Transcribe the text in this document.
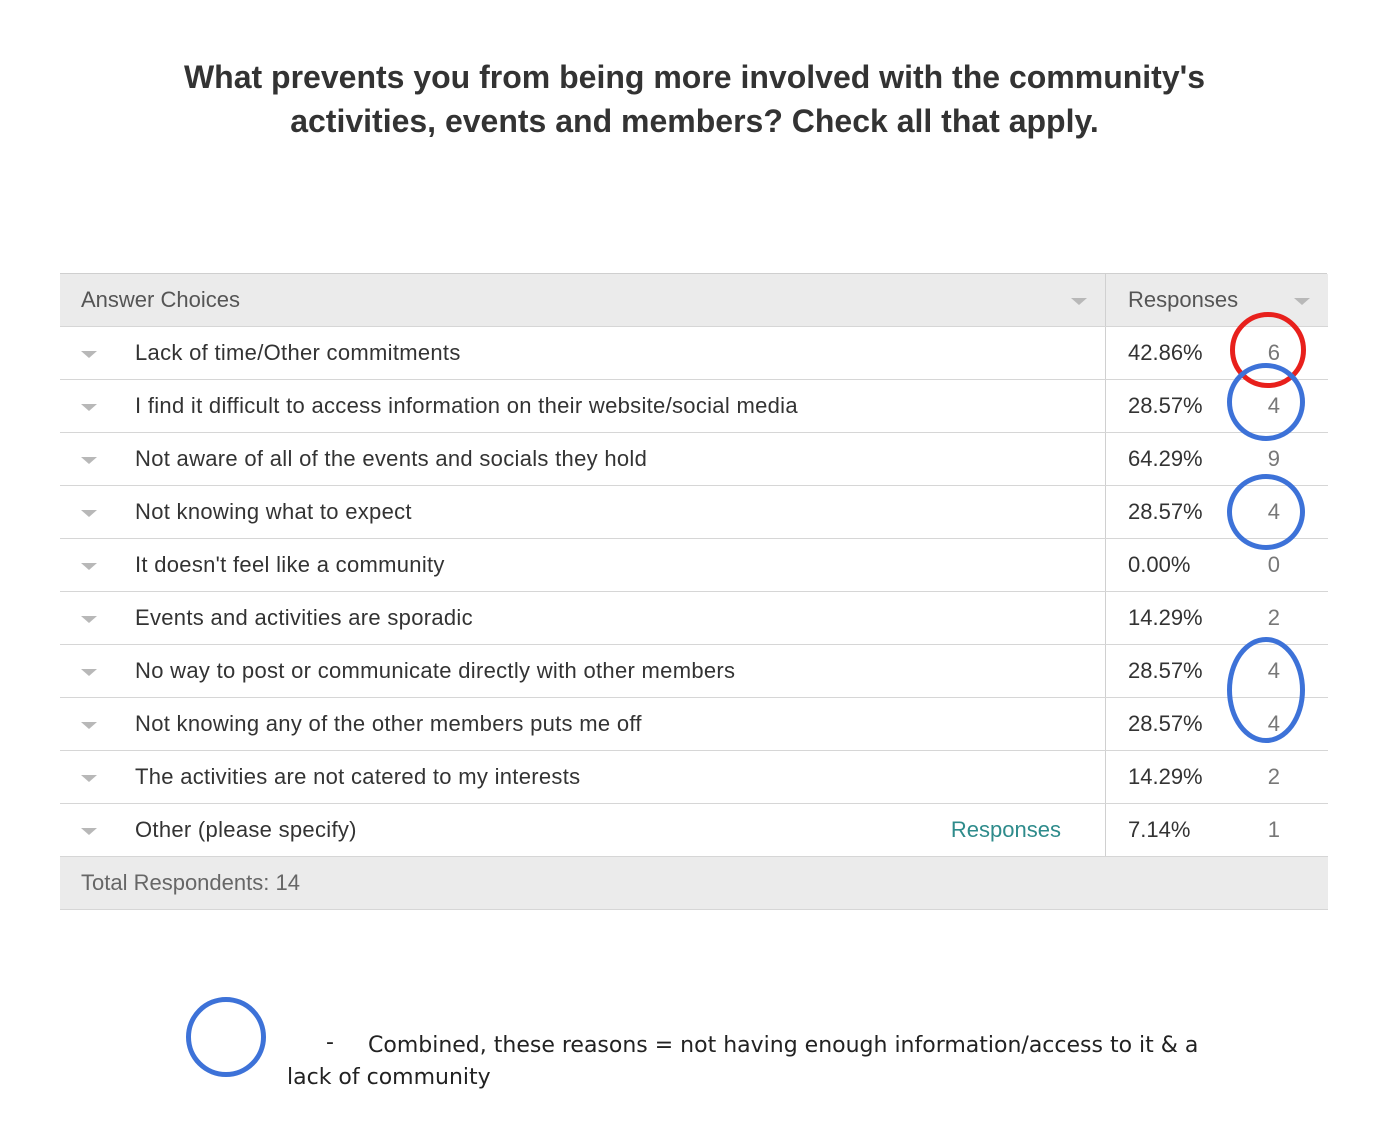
What prevents you from being more involved with the community's activities, events and members? Check all that apply.
Answer Choices	Responses

Lack of time/Other commitments	42.86% 6

I find it difficult to access information on their website/social media	28.57% 4

Not aware of all of the events and socials they hold	64.29% 9

Not knowing what to expect	28.57% 4

It doesn't feel like a community	0.00% 0

Events and activities are sporadic	14.29% 2

No way to post or communicate directly with other members	28.57% 4

Not knowing any of the other members puts me off	28.57% 4

The activities are not catered to my interests	14.29% 2

Other (please specify) Responses	7.14% 1

Total Respondents: 14	
-	Combined, these reasons = not having enough information/access to it & a lack of community
